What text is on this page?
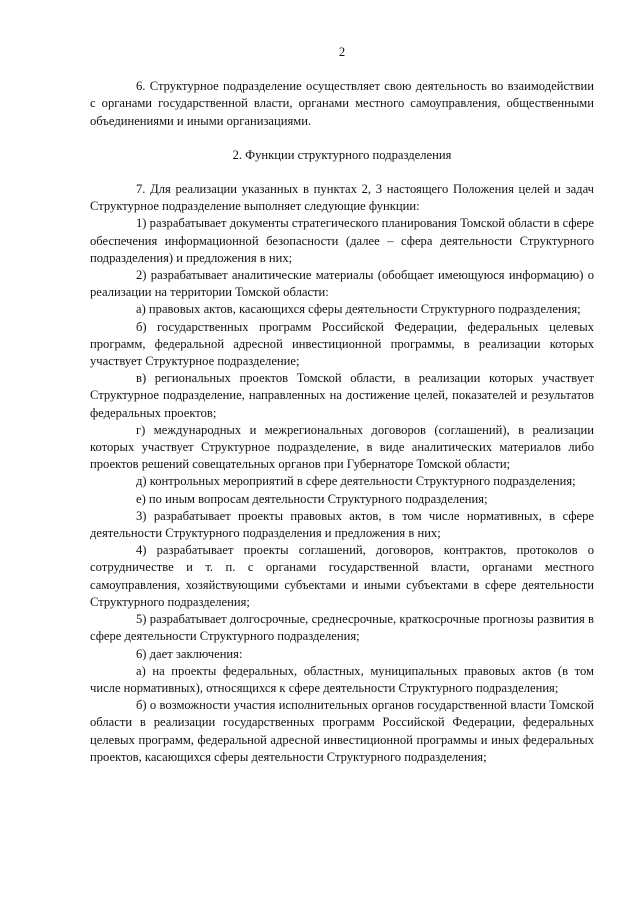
2

6. Структурное подразделение осуществляет свою деятельность во взаимодействии с органами государственной власти, органами местного самоуправления, общественными объединениями и иными организациями.

2. Функции структурного подразделения

7. Для реализации указанных в пунктах 2, 3 настоящего Положения целей и задач Структурное подразделение выполняет следующие функции:

1) разрабатывает документы стратегического планирования Томской области в сфере обеспечения информационной безопасности (далее – сфера деятельности Структурного подразделения) и предложения в них;

2) разрабатывает аналитические материалы (обобщает имеющуюся информацию) о реализации на территории Томской области:

а) правовых актов, касающихся сферы деятельности Структурного подразделения;

б) государственных программ Российской Федерации, федеральных целевых программ, федеральной адресной инвестиционной программы, в реализации которых участвует Структурное подразделение;

в) региональных проектов Томской области, в реализации которых участвует Структурное подразделение, направленных на достижение целей, показателей и результатов федеральных проектов;

г) международных и межрегиональных договоров (соглашений), в реализации которых участвует Структурное подразделение, в виде аналитических материалов либо проектов решений совещательных органов при Губернаторе Томской области;

д) контрольных мероприятий в сфере деятельности Структурного подразделения;

е) по иным вопросам деятельности Структурного подразделения;

3) разрабатывает проекты правовых актов, в том числе нормативных, в сфере деятельности Структурного подразделения и предложения в них;

4) разрабатывает проекты соглашений, договоров, контрактов, протоколов о сотрудничестве и т. п. с органами государственной власти, органами местного самоуправления, хозяйствующими субъектами и иными субъектами в сфере деятельности Структурного подразделения;

5) разрабатывает долгосрочные, среднесрочные, краткосрочные прогнозы развития в сфере деятельности Структурного подразделения;

6) дает заключения:

а) на проекты федеральных, областных, муниципальных правовых актов (в том числе нормативных), относящихся к сфере деятельности Структурного подразделения;

б) о возможности участия исполнительных органов государственной власти Томской области в реализации государственных программ Российской Федерации, федеральных целевых программ, федеральной адресной инвестиционной программы и иных федеральных проектов, касающихся сферы деятельности Структурного подразделения;
